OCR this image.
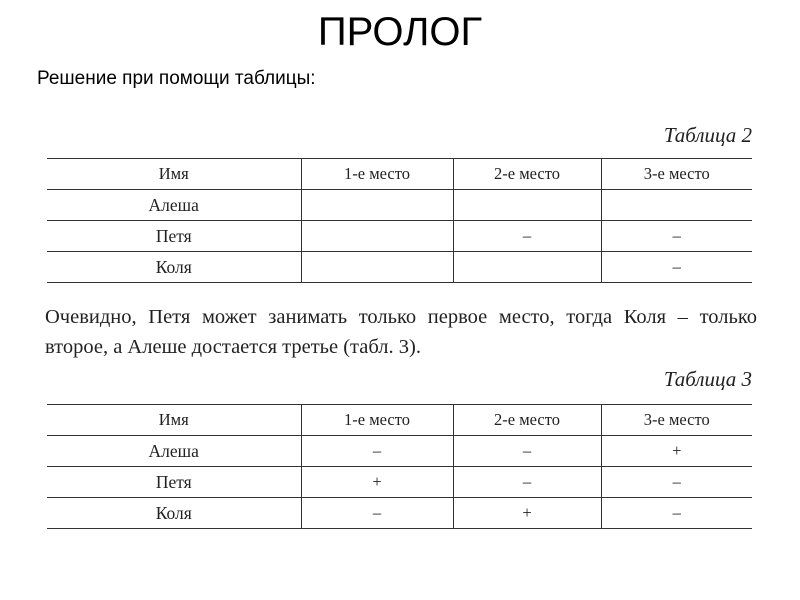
ПРОЛОГ
Решение при помощи таблицы:
Таблица 2
Имя	1-е место	2-е место	3-е место
Алеша			
Петя		–	–
Коля			–
Очевидно, Петя может занимать только первое место, тогда Коля – только второе, а Алеше достается третье (табл. 3).
Таблица 3
Имя	1-е место	2-е место	3-е место
Алеша	–	–	+
Петя	+	–	–
Коля	–	+	–
